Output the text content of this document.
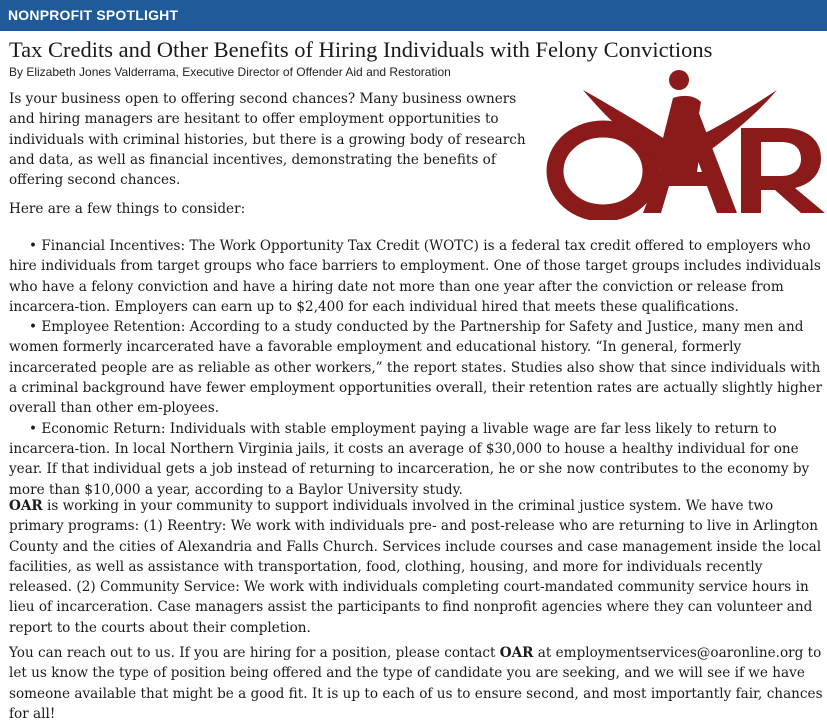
NONPROFIT SPOTLIGHT
Tax Credits and Other Benefits of Hiring Individuals with Felony Convictions
By Elizabeth Jones Valderrama, Executive Director of Offender Aid and Restoration

Is your business open to offering second chances? Many business owners and hiring managers are hesitant to offer employment opportunities to individuals with criminal histories, but there is a growing body of research and data, as well as financial incentives, demonstrating the benefits of offering second chances.

Here are a few things to consider:

• Financial Incentives: The Work Opportunity Tax Credit (WOTC) is a federal tax credit offered to employers who hire individuals from target groups who face barriers to employment. One of those target groups includes individuals who have a felony conviction and have a hiring date not more than one year after the conviction or release from incarcera-tion. Employers can earn up to $2,400 for each individual hired that meets these qualifications.
• Employee Retention: According to a study conducted by the Partnership for Safety and Justice, many men and women formerly incarcerated have a favorable employment and educational history. “In general, formerly incarcerated people are as reliable as other workers,” the report states. Studies also show that since individuals with a criminal background have fewer employment opportunities overall, their retention rates are actually slightly higher overall than other em-ployees.
• Economic Return: Individuals with stable employment paying a livable wage are far less likely to return to incarcera-tion. In local Northern Virginia jails, it costs an average of $30,000 to house a healthy individual for one year. If that individual gets a job instead of returning to incarceration, he or she now contributes to the economy by more than $10,000 a year, according to a Baylor University study.

OAR is working in your community to support individuals involved in the criminal justice system. We have two primary programs: (1) Reentry: We work with individuals pre- and post-release who are returning to live in Arlington County and the cities of Alexandria and Falls Church. Services include courses and case management inside the local facilities, as well as assistance with transportation, food, clothing, housing, and more for individuals recently released. (2) Community Service: We work with individuals completing court-mandated community service hours in lieu of incarceration. Case managers assist the participants to find nonprofit agencies where they can volunteer and report to the courts about their completion.

You can reach out to us. If you are hiring for a position, please contact OAR at employmentservices@oaronline.org to let us know the type of position being offered and the type of candidate you are seeking, and we will see if we have someone available that might be a good fit. It is up to each of us to ensure second, and most importantly fair, chances for all!
